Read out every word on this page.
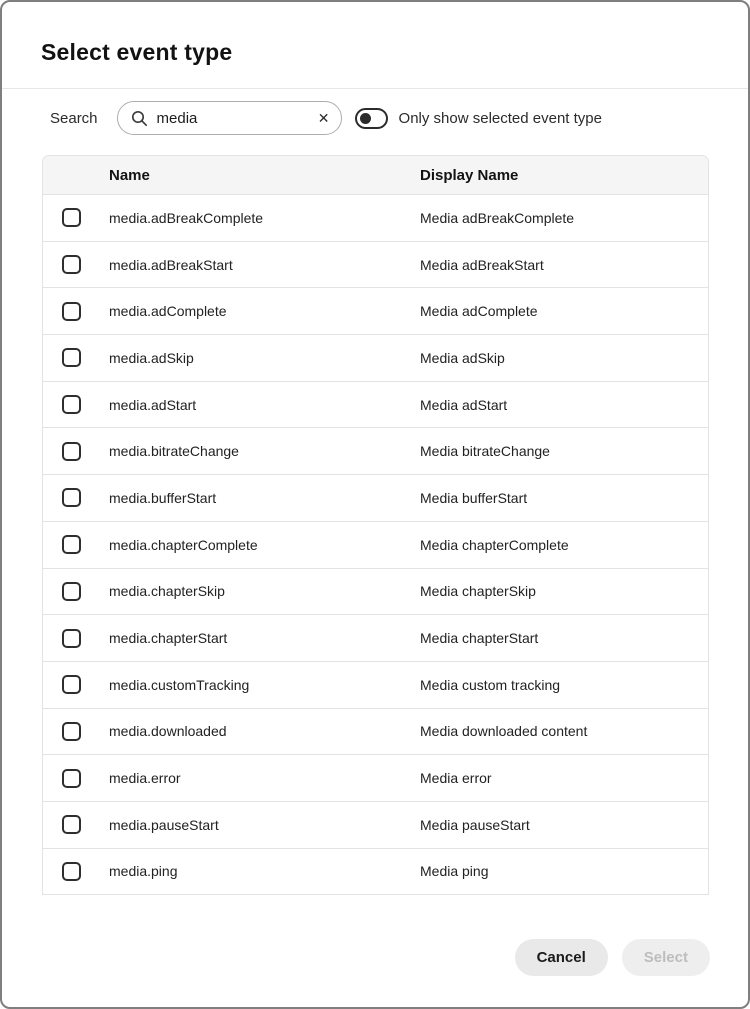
Select event type
Search
media	✕	Only show selected event type
Name	Display Name
media.adBreakComplete	Media adBreakComplete
media.adBreakStart	Media adBreakStart
media.adComplete	Media adComplete
media.adSkip	Media adSkip
media.adStart	Media adStart
media.bitrateChange	Media bitrateChange
media.bufferStart	Media bufferStart
media.chapterComplete	Media chapterComplete
media.chapterSkip	Media chapterSkip
media.chapterStart	Media chapterStart
media.customTracking	Media custom tracking
media.downloaded	Media downloaded content
media.error	Media error
media.pauseStart	Media pauseStart
media.ping	Media ping
Cancel	Select
